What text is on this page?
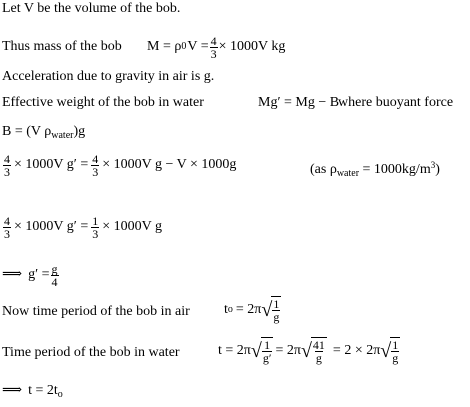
Let V be the volume of the bob.
Thus mass of the bob M = ρ 0 $V = \frac{4}{3} \times 1000V$ kg
Acceleration due to gravity in air is g.
Effective weight of the bob in water	Mg′ = Mg − B
where buoyant force
B = (V $\rho_{water})g$
$\frac{4}{3} \times 1000V$ $g' = \frac{4}{3} \times 1000V$ g − V × 1000g	(as $\rho_{water} = 1000kg/m^3$)
$\frac{4}{3} \times 1000V$ $g' = \frac{1}{3} \times 1000V$ g
⟹ $g' = \frac{g}{4}$
Now time period of the bob in air t o = 2π √ $\frac{1}{g}$
Time period of the bob in water	t = 2π √ $\frac{1}{g'} = 2\pi$ √ $\frac{41}{g} = 2 \times 2\pi$ √ $\frac{1}{g}$
⟹ $t = 2t_o$
